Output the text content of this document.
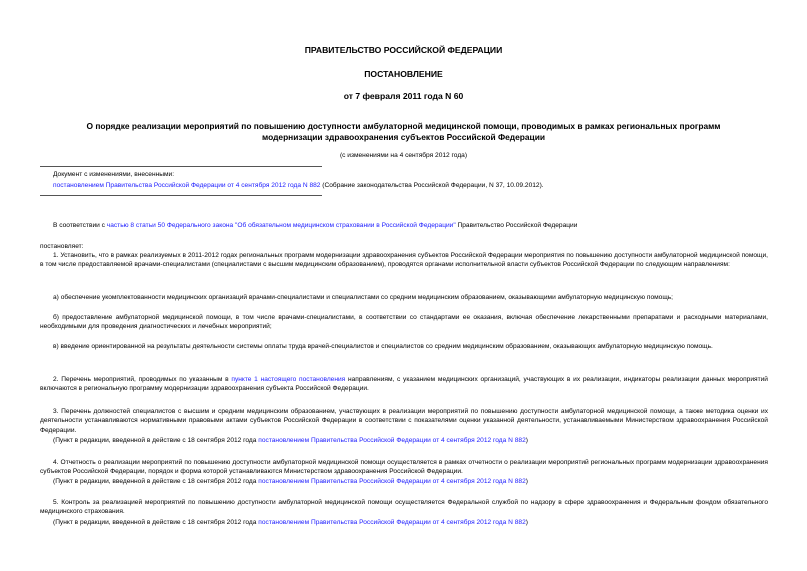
ПРАВИТЕЛЬСТВО РОССИЙСКОЙ ФЕДЕРАЦИИ
ПОСТАНОВЛЕНИЕ
от 7 февраля 2011 года N 60
О порядке реализации мероприятий по повышению доступности амбулаторной медицинской помощи, проводимых в рамках региональных программ
модернизации здравоохранения субъектов Российской Федерации
(с изменениями на 4 сентября 2012 года)
Документ с изменениями, внесенными:
постановлением Правительства Российской Федерации от 4 сентября 2012 года N 882 (Собрание законодательства Российской Федерации, N 37, 10.09.2012).
В соответствии с частью 8 статьи 50 Федерального закона "Об обязательном медицинском страховании в Российской Федерации" Правительство Российской Федерации
постановляет:
1. Установить, что в рамках реализуемых в 2011-2012 годах региональных программ модернизации здравоохранения субъектов Российской Федерации мероприятия по повышению доступности амбулаторной медицинской помощи, в том числе предоставляемой врачами-специалистами (специалистами с высшим медицинским образованием), проводятся органами исполнительной власти субъектов Российской Федерации по следующим направлениям:
а) обеспечение укомплектованности медицинских организаций врачами-специалистами и специалистами со средним медицинским образованием, оказывающими амбулаторную медицинскую помощь;
б) предоставление амбулаторной медицинской помощи, в том числе врачами-специалистами, в соответствии со стандартами ее оказания, включая обеспечение лекарственными препаратами и расходными материалами, необходимыми для проведения диагностических и лечебных мероприятий;
в) введение ориентированной на результаты деятельности системы оплаты труда врачей-специалистов и специалистов со средним медицинским образованием, оказывающих амбулаторную медицинскую помощь.
2. Перечень мероприятий, проводимых по указанным в пункте 1 настоящего постановления направлениям, с указанием медицинских организаций, участвующих в их реализации, индикаторы реализации данных мероприятий включаются в региональную программу модернизации здравоохранения субъекта Российской Федерации.
3. Перечень должностей специалистов с высшим и средним медицинским образованием, участвующих в реализации мероприятий по повышению доступности амбулаторной медицинской помощи, а также методика оценки их деятельности устанавливаются нормативными правовыми актами субъектов Российской Федерации в соответствии с показателями оценки указанной деятельности, устанавливаемыми Министерством здравоохранения Российской Федерации.
(Пункт в редакции, введенной в действие с 18 сентября 2012 года постановлением Правительства Российской Федерации от 4 сентября 2012 года N 882)
4. Отчетность о реализации мероприятий по повышению доступности амбулаторной медицинской помощи осуществляется в рамках отчетности о реализации мероприятий региональных программ модернизации здравоохранения субъектов Российской Федерации, порядок и форма которой устанавливаются Министерством здравоохранения Российской Федерации.
(Пункт в редакции, введенной в действие с 18 сентября 2012 года постановлением Правительства Российской Федерации от 4 сентября 2012 года N 882)
5. Контроль за реализацией мероприятий по повышению доступности амбулаторной медицинской помощи осуществляется Федеральной службой по надзору в сфере здравоохранения и Федеральным фондом обязательного медицинского страхования.
(Пункт в редакции, введенной в действие с 18 сентября 2012 года постановлением Правительства Российской Федерации от 4 сентября 2012 года N 882)
